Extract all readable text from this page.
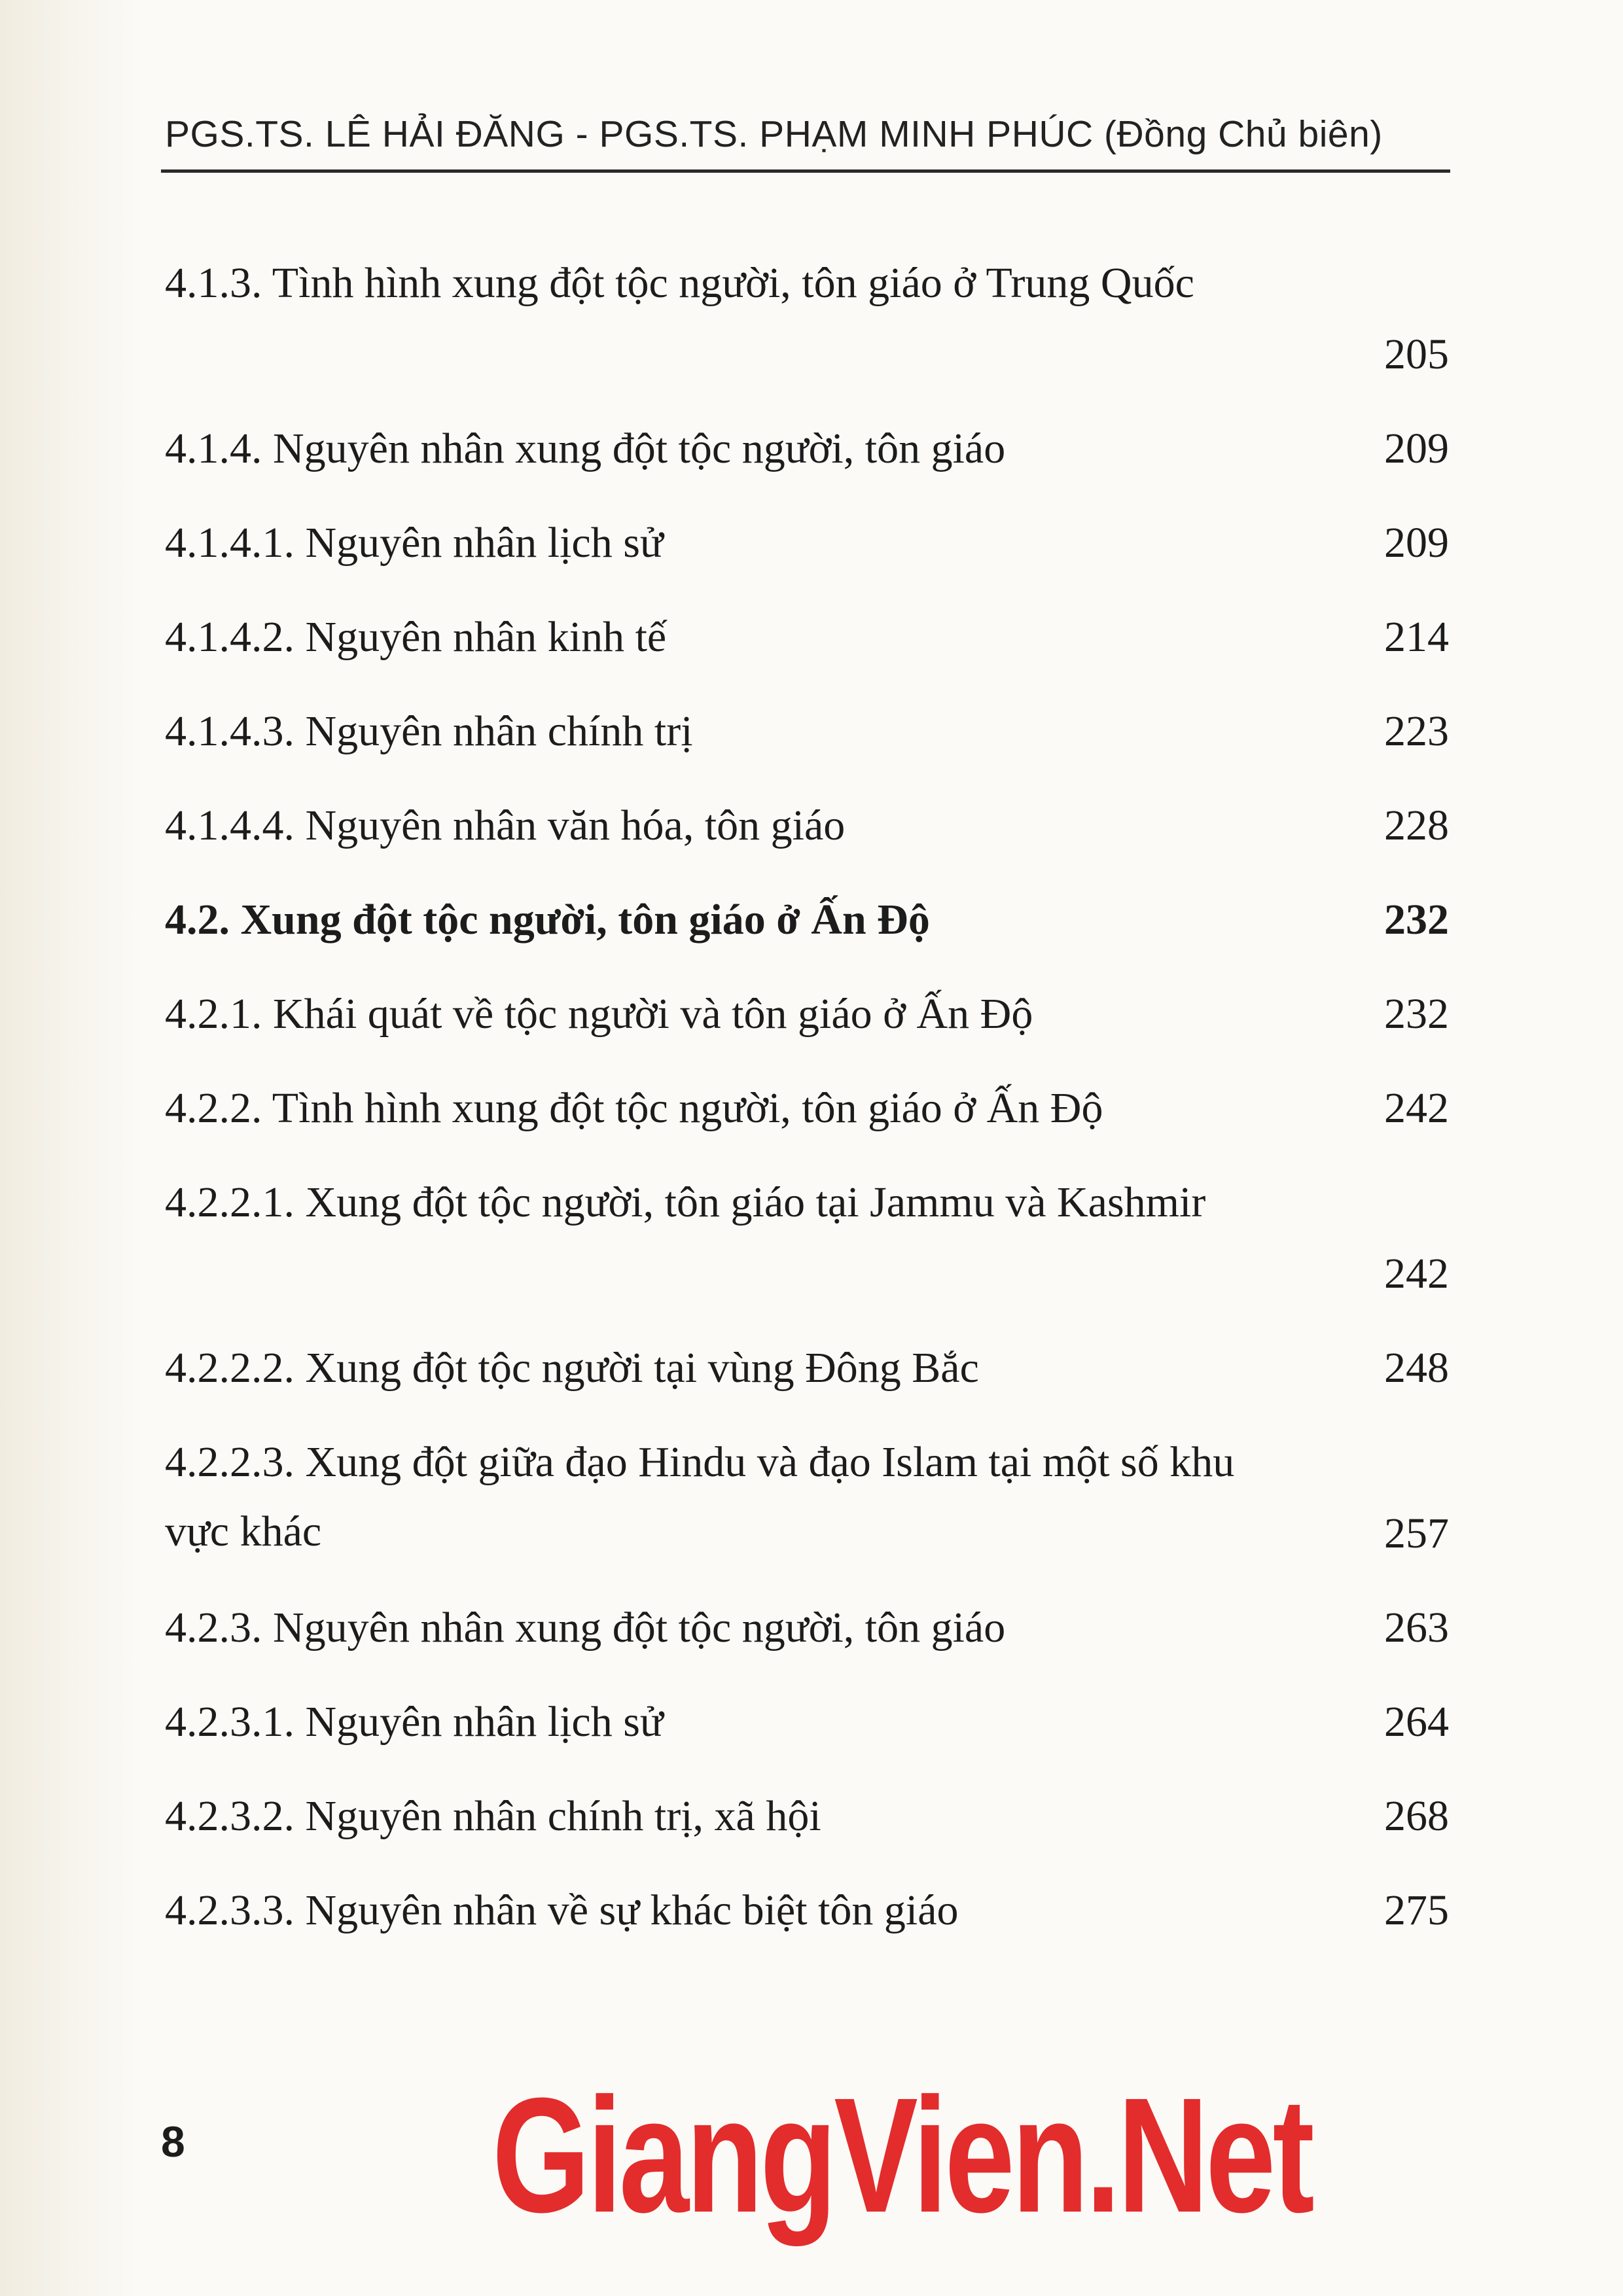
PGS.TS. LÊ HẢI ĐĂNG - PGS.TS. PHẠM MINH PHÚC (Đồng Chủ biên)
4.1.3. Tình hình xung đột tộc người, tôn giáo ở Trung Quốc
205
4.1.4. Nguyên nhân xung đột tộc người, tôn giáo	209
4.1.4.1. Nguyên nhân lịch sử	209
4.1.4.2. Nguyên nhân kinh tế	214
4.1.4.3. Nguyên nhân chính trị	223
4.1.4.4. Nguyên nhân văn hóa, tôn giáo	228
4.2. Xung đột tộc người, tôn giáo ở Ấn Độ	232
4.2.1. Khái quát về tộc người và tôn giáo ở Ấn Độ	232
4.2.2. Tình hình xung đột tộc người, tôn giáo ở Ấn Độ	242
4.2.2.1. Xung đột tộc người, tôn giáo tại Jammu và Kashmir
242
4.2.2.2. Xung đột tộc người tại vùng Đông Bắc	248
4.2.2.3. Xung đột giữa đạo Hindu và đạo Islam tại một số khu vực khác	257
4.2.3. Nguyên nhân xung đột tộc người, tôn giáo	263
4.2.3.1. Nguyên nhân lịch sử	264
4.2.3.2. Nguyên nhân chính trị, xã hội	268
4.2.3.3. Nguyên nhân về sự khác biệt tôn giáo	275
8 GiangVien.Net
